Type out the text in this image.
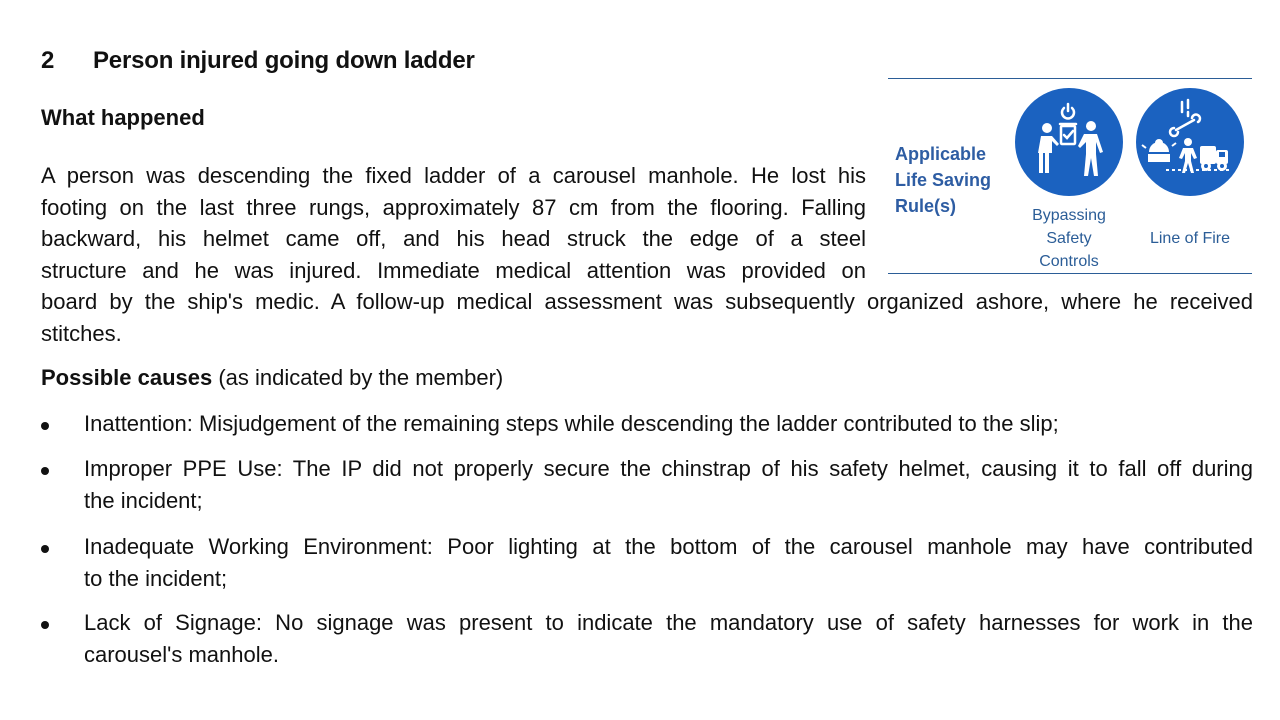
2 Person injured going down ladder
What happened
A person was descending the fixed ladder of a carousel manhole. He lost his
footing on the last three rungs, approximately 87 cm from the flooring. Falling
backward, his helmet came off, and his head struck the edge of a steel
structure and he was injured. Immediate medical attention was provided on
board by the ship's medic. A follow-up medical assessment was subsequently organized ashore, where he received
stitches.
Applicable
Life Saving
Rule(s)	Bypassing
Safety
Controls
Line of Fire
Possible causes (as indicated by the member)
Inattention: Misjudgement of the remaining steps while descending the ladder contributed to the slip;
Improper PPE Use: The IP did not properly secure the chinstrap of his safety helmet, causing it to fall off during
the incident;
Inadequate Working Environment: Poor lighting at the bottom of the carousel manhole may have contributed
to the incident;
Lack of Signage: No signage was present to indicate the mandatory use of safety harnesses for work in the
carousel's manhole.
